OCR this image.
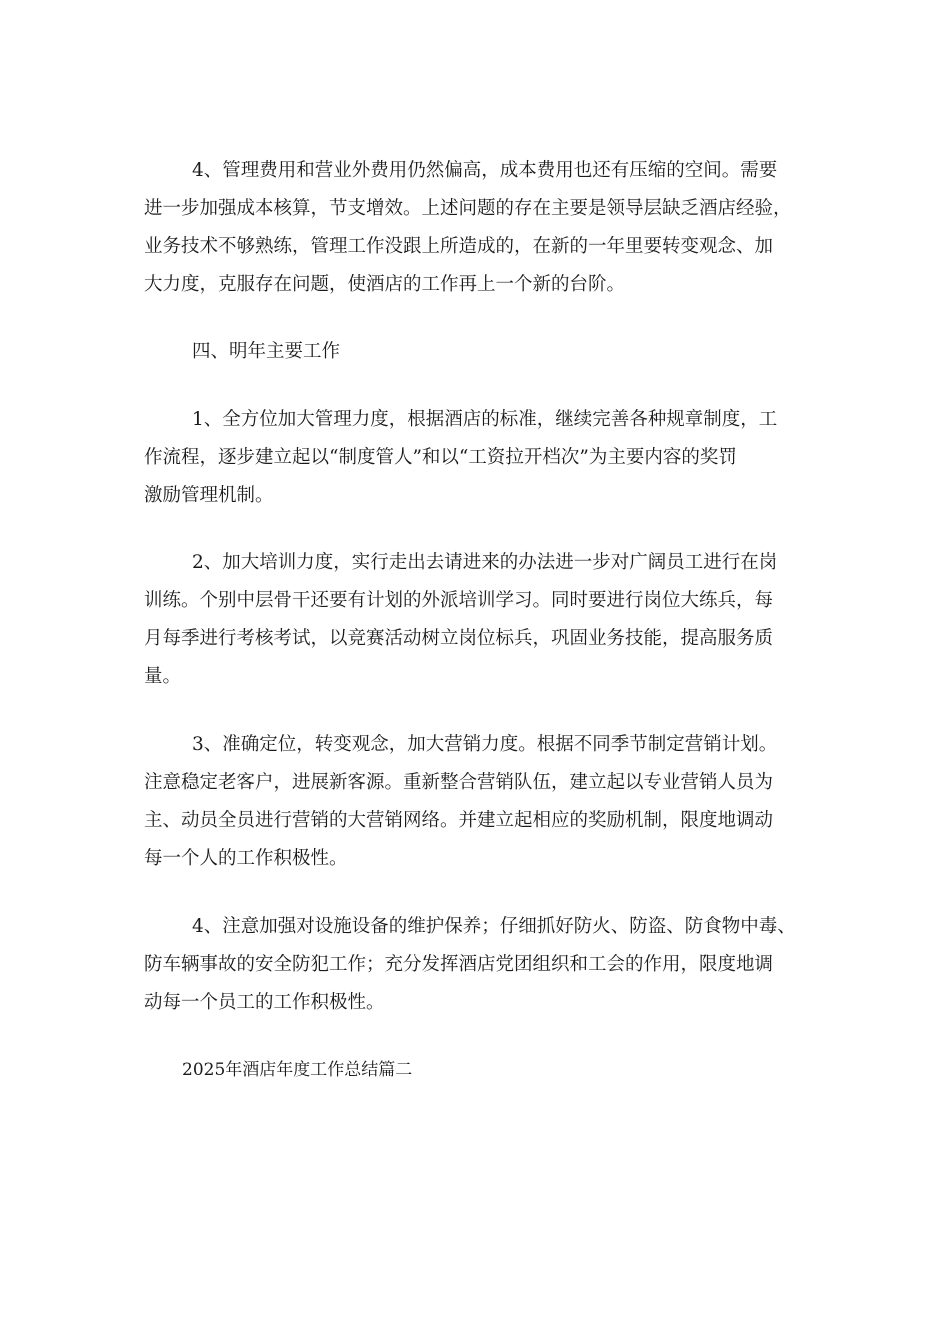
4、管理费用和营业外费用仍然偏高，成本费用也还有压缩的空间。需要
进一步加强成本核算，节支增效。上述问题的存在主要是领导层缺乏酒店经验，
业务技术不够熟练，管理工作没跟上所造成的，在新的一年里要转变观念、加
大力度，克服存在问题，使酒店的工作再上一个新的台阶。
四、明年主要工作
1、全方位加大管理力度，根据酒店的标准，继续完善各种规章制度，工
作流程，逐步建立起以“制度管人”和以“工资拉开档次”为主要内容的奖罚
激励管理机制。
2、加大培训力度，实行走出去请进来的办法进一步对广阔员工进行在岗
训练。个别中层骨干还要有计划的外派培训学习。同时要进行岗位大练兵，每
月每季进行考核考试，以竞赛活动树立岗位标兵，巩固业务技能，提高服务质
量。
3、准确定位，转变观念，加大营销力度。根据不同季节制定营销计划。
注意稳定老客户，进展新客源。重新整合营销队伍，建立起以专业营销人员为
主、动员全员进行营销的大营销网络。并建立起相应的奖励机制，限度地调动
每一个人的工作积极性。
4、注意加强对设施设备的维护保养；仔细抓好防火、防盗、防食物中毒、
防车辆事故的安全防犯工作；充分发挥酒店党团组织和工会的作用，限度地调
动每一个员工的工作积极性。
2025年酒店年度工作总结篇二
